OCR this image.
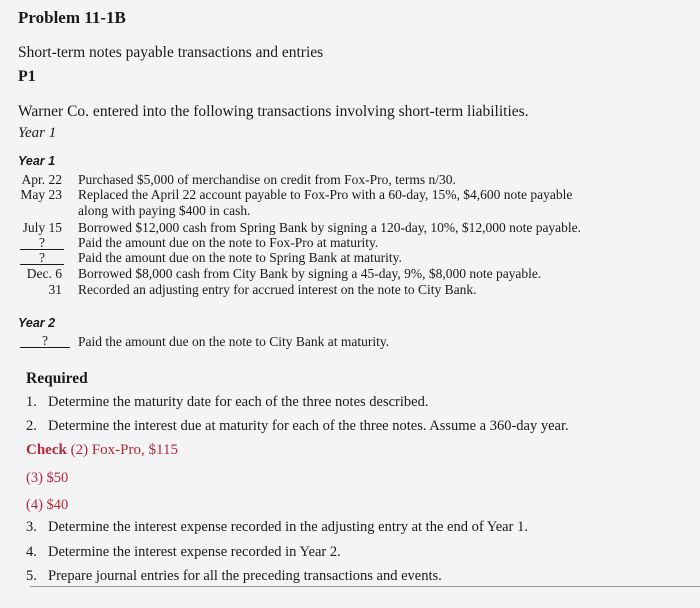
Problem 11-1B
Short-term notes payable transactions and entries
P1
Warner Co. entered into the following transactions involving short-term liabilities.
Year 1
Year 1
Apr. 22 Purchased $5,000 of merchandise on credit from Fox-Pro, terms n/30.
May 23 Replaced the April 22 account payable to Fox-Pro with a 60-day, 15%, $4,600 note payable
along with paying $400 in cash.
July 15 Borrowed $12,000 cash from Spring Bank by signing a 120-day, 10%, $12,000 note payable.
?	Paid the amount due on the note to Fox-Pro at maturity.
?	Paid the amount due on the note to Spring Bank at maturity.
Dec. 6 Borrowed $8,000 cash from City Bank by signing a 45-day, 9%, $8,000 note payable.
31 Recorded an adjusting entry for accrued interest on the note to City Bank.
Year 2
?	Paid the amount due on the note to City Bank at maturity.
Required
1. Determine the maturity date for each of the three notes described.
2. Determine the interest due at maturity for each of the three notes. Assume a 360-day year.
Check (2) Fox-Pro, $115
(3) $50
(4) $40
3. Determine the interest expense recorded in the adjusting entry at the end of Year 1.
4. Determine the interest expense recorded in Year 2.
5. Prepare journal entries for all the preceding transactions and events.
